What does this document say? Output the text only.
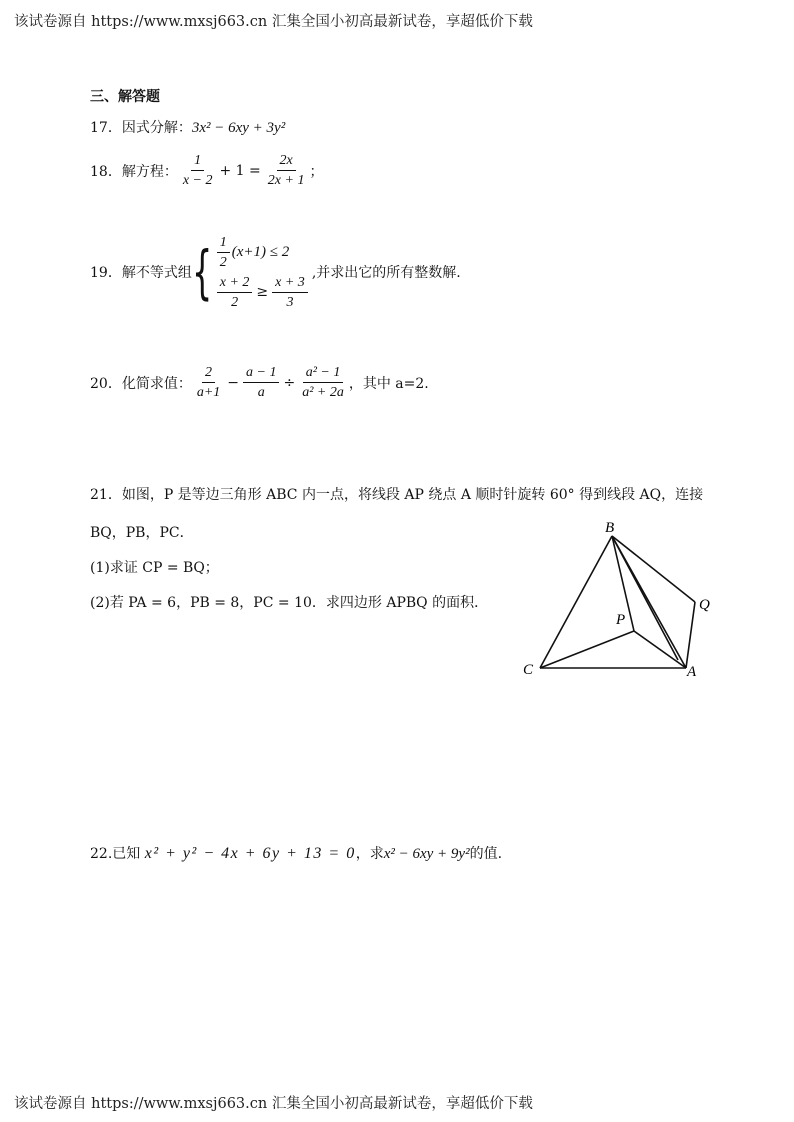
该试卷源自 https://www.mxsj663.cn 汇集全国小初高最新试卷，享超低价下载
三、解答题
17．因式分解：3x² − 6xy + 3y²
18．解方程： $\frac{1}{x - 2} + 1 = \frac{2x}{2x + 1}$ ；
19．解不等式组 { $\frac{1}{2} (x+1) \le 2$
$\frac{x + 2}{2} \ge \frac{x + 3}{3}$
,并求出它的所有整数解.
20．化简求值： $\frac{2}{a+1} - \frac{a - 1}{a} \div \frac{\text{a² − 1}}{\text{a² + 2a}}$ ，其中 a=2.
21．如图，P 是等边三角形 ABC 内一点，将线段 AP 绕点 A 顺时针旋转 60° 得到线段 AQ，连接
BQ，PB，PC．
(1)求证 CP = BQ；
(2)若 PA = 6，PB = 8，PC = 10．求四边形 APBQ 的面积．
B
Q
P
C	A
22.已知 x² + y² − 4x + 6y + 13 = 0，求x² − 6xy + 9y²的值.
该试卷源自 https://www.mxsj663.cn 汇集全国小初高最新试卷，享超低价下载
